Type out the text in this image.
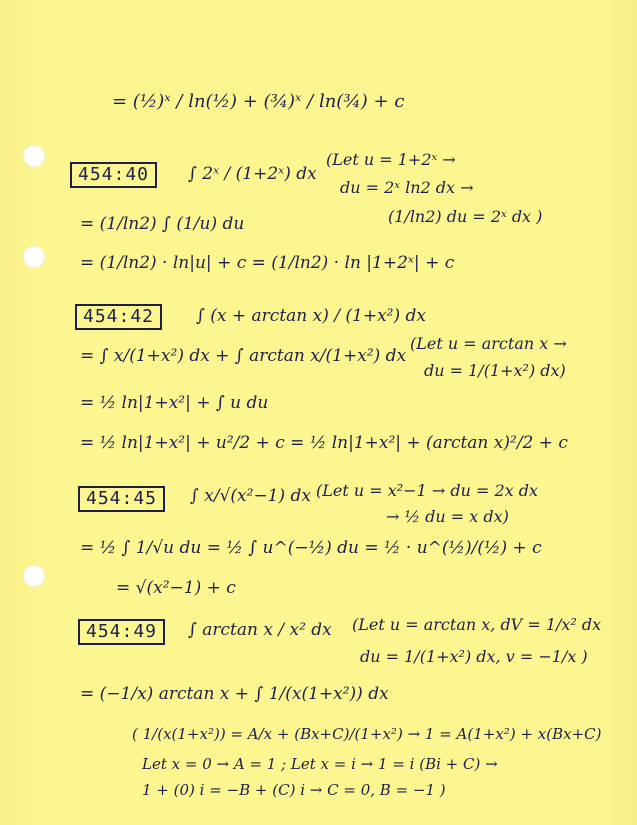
= (½)ˣ / ln(½) + (¾)ˣ / ln(¾) + c
454:40	∫ 2ˣ / (1+2ˣ) dx
(Let u = 1+2ˣ →
du = 2ˣ ln2 dx →
(1/ln2) du = 2ˣ dx )
= (1/ln2) ∫ (1/u) du
= (1/ln2) · ln|u| + c = (1/ln2) · ln |1+2ˣ| + c
454:42	∫ (x + arctan x) / (1+x²) dx
= ∫ x/(1+x²) dx + ∫ arctan x/(1+x²) dx
(Let u = arctan x →
du = 1/(1+x²) dx)
= ½ ln|1+x²| + ∫ u du
= ½ ln|1+x²| + u²/2 + c = ½ ln|1+x²| + (arctan x)²/2 + c
454:45	∫ x/√(x²−1) dx (Let u = x²−1 → du = 2x dx
→ ½ du = x dx)
= ½ ∫ 1/√u du = ½ ∫ u^(−½) du = ½ · u^(½)/(½) + c
= √(x²−1) + c
454:49	∫ arctan x / x² dx (Let u = arctan x, dV = 1/x² dx
du = 1/(1+x²) dx, v = −1/x )
= (−1/x) arctan x + ∫ 1/(x(1+x²)) dx
( 1/(x(1+x²)) = A/x + (Bx+C)/(1+x²) → 1 = A(1+x²) + x(Bx+C)
Let x = 0 → A = 1 ; Let x = i → 1 = i (Bi + C) →
1 + (0) i = −B + (C) i → C = 0, B = −1 )
